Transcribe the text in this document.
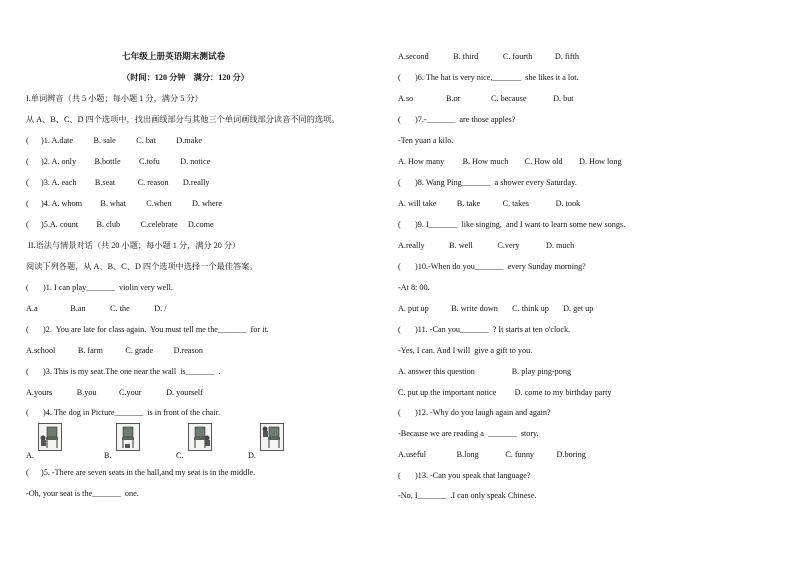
七年级上册英语期末测试卷
（时间：120 分钟    满分：120 分）
I.单词辨音（共 5 小题；每小题 1 分，满分 5 分）
从 A、B、C、D 四个选项中，找出画线部分与其他三个单词画线部分读音不同的选项。
(      )1. A.date          B. sale          C. bat          D.make
(      )2. A. only         B.bottle         C.tofu          D. notice
(      )3. A. each         B.seat           C. reason       D.really
(      )4. A. whom         B. what          C.when          D. where
(      )5.A. count         B. club          C.celebrate     D.come
II.语法与情景对话（共 20 小题；每小题 1 分，满分 20 分）
阅读下列各题，从 A、B、C、D 四个选项中选择一个最佳答案。
(       )1. I can play_______  violin very well.
A.a                B.an            C. the            D. /
(       )2.  You are late for class again.  You must tell me the_______  for it.
A.school           B. farm           C. grade          D.reason
(       )3. This is my seat.The one near the wall  is_______  .
A.yours            B.you           C.your            D. yourself
(       )4. The dog in Picture_______  is in front of the chair.
A.	B.	C.	D.
(      )5. -There are seven seats in the hall,and my seat is in the middle.
-Oh, your seat is the_______  one.
A.second            B. third            C. fourth           D. fifth
(       )6. The hat is very nice,_______  she likes it a lot.
A.so                B.or               C. because             D. but
(       )7.-_______  are those apples?
-Ten yuan a kilo.
A. How many         B. How much        C. How old        D. How long
(       )8. Wang Ping_______  a shower every Saturday.
A. will take          B. take           C. takes             D. took
(       )9. I_______  like singing,  and I want to learn some new songs.
A.really            B. well            C.very             D. much
(       )10.-When do you_______  every Sunday morning?
-At 8: 00.
A. put up           B. write down       C. think up       D. get up
(       )11. -Can you_______  ? It starts at ten o'clock.
-Yes, I can. And I will  give a gift to you.
A. answer this question                  B. play ping-pong
C. put up the important notice         D. come to my birthday party
(       )12. -Why do you laugh again and again?
-Because we are reading a  _______  story.
A.useful               B.long             C. funny           D.boring
(       )13. -Can you speak that language?
-No, I_______  .I can only speak Chinese.
